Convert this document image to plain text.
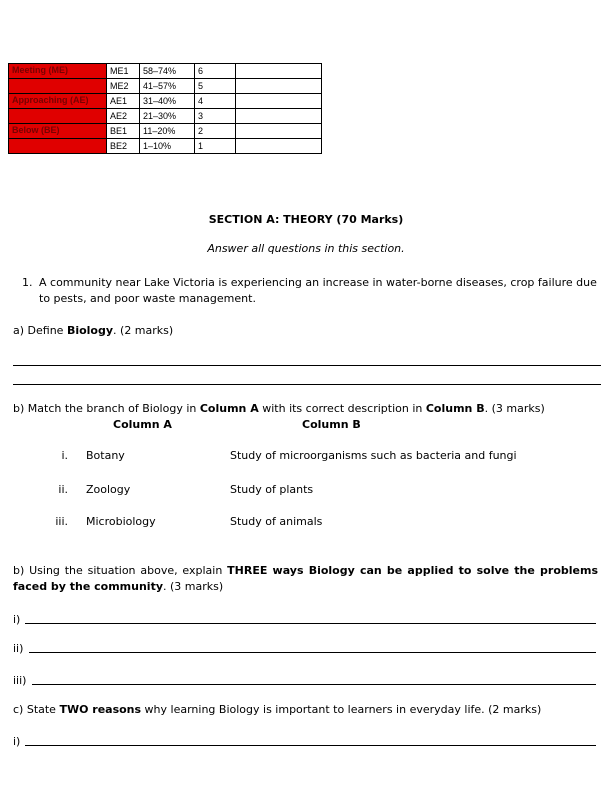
Meeting (ME)	ME1	58–74%	6	
	ME2	41–57%	5	
Approaching (AE)	AE1	31–40%	4	
	AE2	21–30%	3	
Below (BE)	BE1	11–20%	2	
	BE2	1–10%	1	
SECTION A: THEORY (70 Marks)
Answer all questions in this section.
1. A community near Lake Victoria is experiencing an increase in water-borne diseases, crop failure due to pests, and poor waste management.
a) Define Biology. (2 marks)
b) Match the branch of Biology in Column A with its correct description in Column B. (3 marks)
Column A	Column B
i. Botany	Study of microorganisms such as bacteria and fungi
ii. Zoology	Study of plants
iii. Microbiology	Study of animals
b) Using the situation above, explain THREE ways Biology can be applied to solve the problems faced by the community. (3 marks)
i)
ii)
iii)
c) State TWO reasons why learning Biology is important to learners in everyday life. (2 marks)
i)
